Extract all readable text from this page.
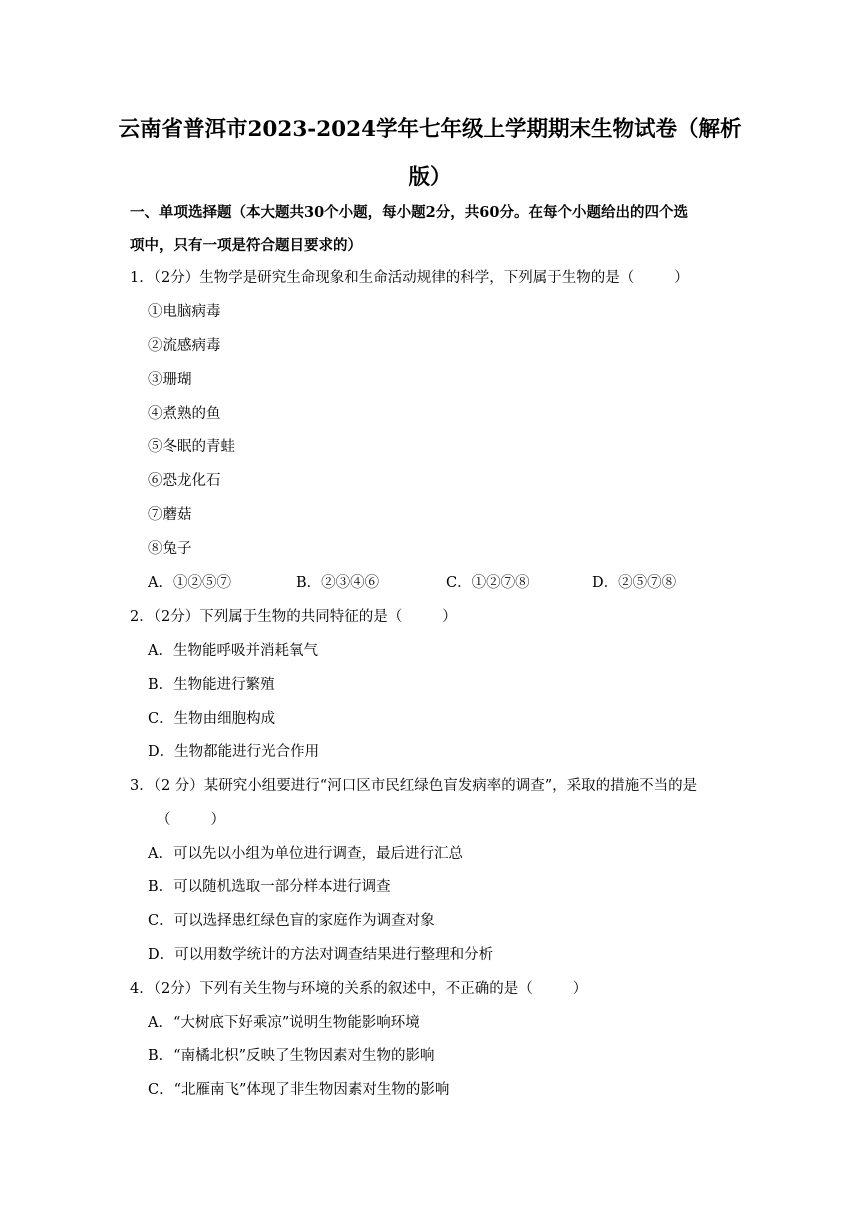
云南省普洱市2023-2024学年七年级上学期期末生物试卷（解析
版）
一、单项选择题（本大题共30个小题，每小题2分，共60分。在每个小题给出的四个选
项中，只有一项是符合题目要求的）
1．（2分）生物学是研究生命现象和生命活动规律的科学，下列属于生物的是（	）
①电脑病毒
②流感病毒
③珊瑚
④煮熟的鱼
⑤冬眠的青蛙
⑥恐龙化石
⑦蘑菇
⑧兔子
A．①②⑤⑦	B．②③④⑥	C．①②⑦⑧	D．②⑤⑦⑧
2．（2分）下列属于生物的共同特征的是（	）
A．生物能呼吸并消耗氧气
B．生物能进行繁殖
C．生物由细胞构成
D．生物都能进行光合作用
3．（2 分）某研究小组要进行“河口区市民红绿色盲发病率的调查”，采取的措施不当的是
（	）
A．可以先以小组为单位进行调查，最后进行汇总
B．可以随机选取一部分样本进行调查
C．可以选择患红绿色盲的家庭作为调查对象
D．可以用数学统计的方法对调查结果进行整理和分析
4．（2分）下列有关生物与环境的关系的叙述中，不正确的是（	）
A．“大树底下好乘凉”说明生物能影响环境
B．“南橘北枳”反映了生物因素对生物的影响
C．“北雁南飞”体现了非生物因素对生物的影响
